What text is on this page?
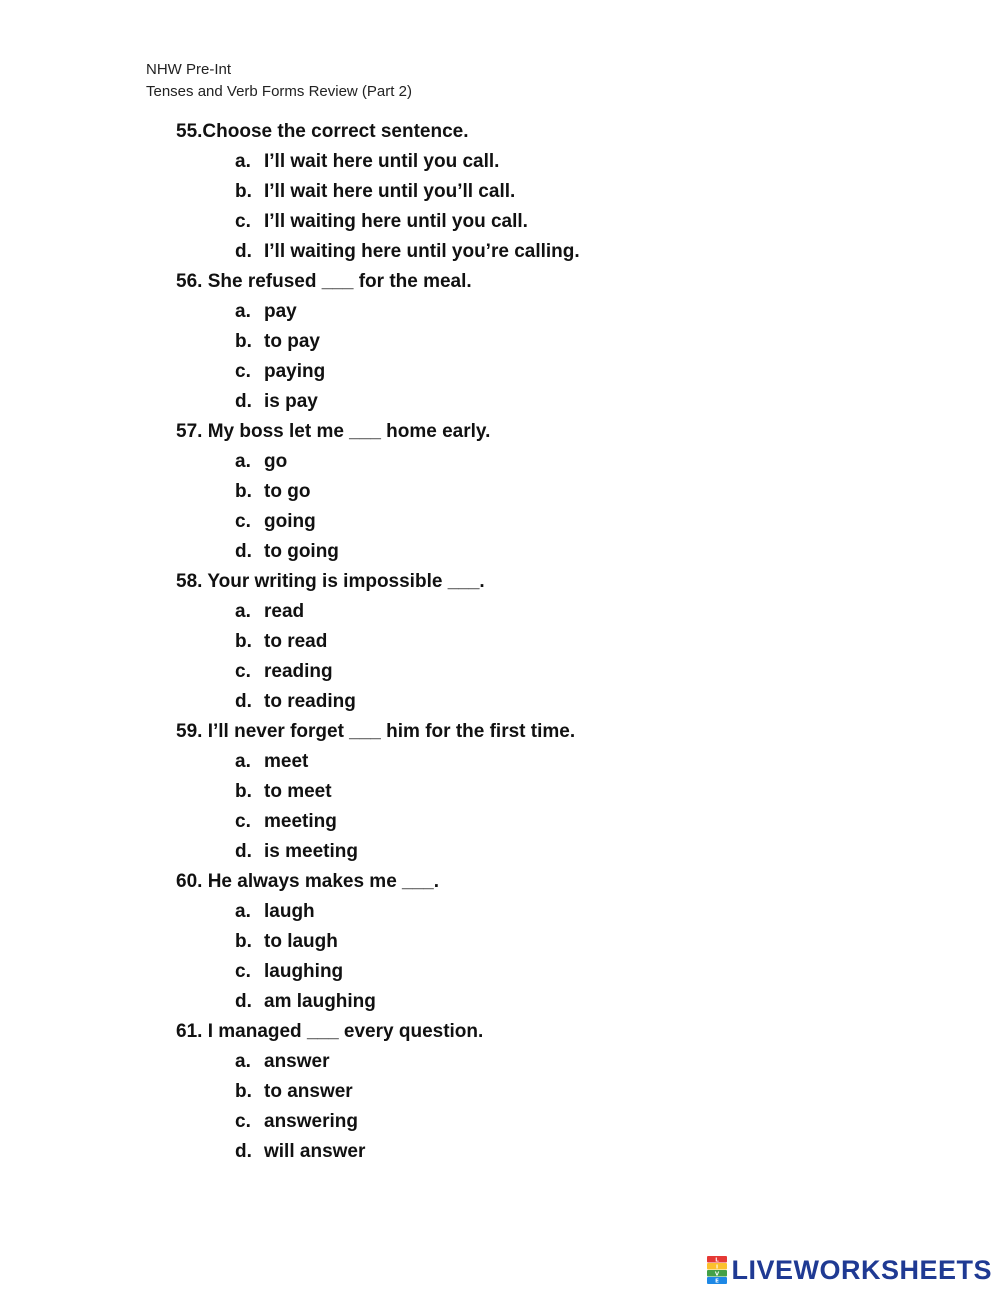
NHW Pre-Int
Tenses and Verb Forms Review (Part 2)
55.Choose the correct sentence.
a. I’ll wait here until you call.
b. I’ll wait here until you’ll call.
c. I’ll waiting here until you call.
d. I’ll waiting here until you’re calling.
56. She refused ___ for the meal.
a. pay
b. to pay
c. paying
d. is pay
57. My boss let me ___ home early.
a. go
b. to go
c. going
d. to going
58. Your writing is impossible ___.
a. read
b. to read
c. reading
d. to reading
59. I’ll never forget ___ him for the first time.
a. meet
b. to meet
c. meeting
d. is meeting
60. He always makes me ___.
a. laugh
b. to laugh
c. laughing
d. am laughing
61. I managed ___ every question.
a. answer
b. to answer
c. answering
d. will answer
L
I
V
E LIVEWORKSHEETS
